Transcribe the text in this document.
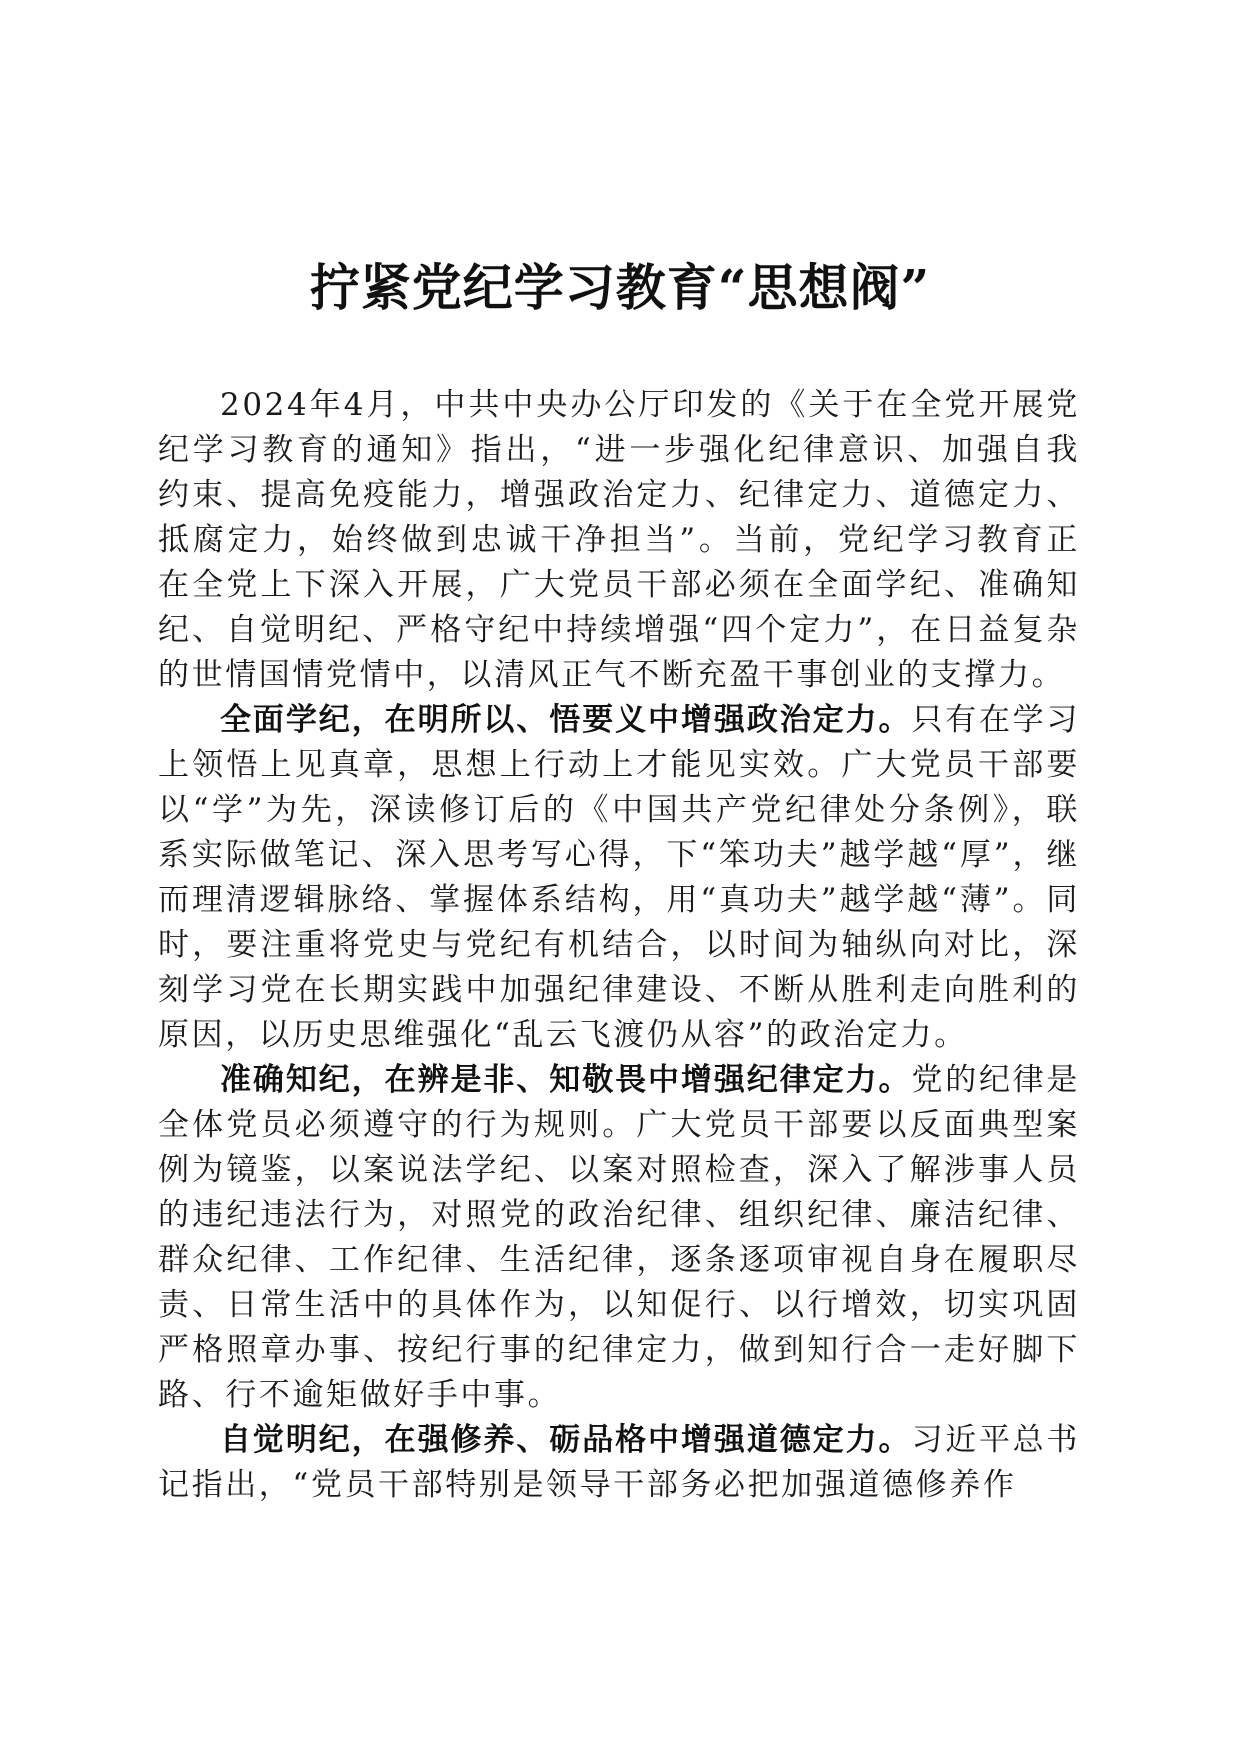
拧紧党纪学习教育“思想阀”

2024年4月，中共中央办公厅印发的《关于在全党开展党纪学习教育的通知》指出，“进一步强化纪律意识、加强自我约束、提高免疫能力，增强政治定力、纪律定力、道德定力、抵腐定力，始终做到忠诚干净担当”。当前，党纪学习教育正在全党上下深入开展，广大党员干部必须在全面学纪、准确知纪、自觉明纪、严格守纪中持续增强“四个定力”，在日益复杂的世情国情党情中，以清风正气不断充盈干事创业的支撑力。

全面学纪，在明所以、悟要义中增强政治定力。只有在学习上领悟上见真章，思想上行动上才能见实效。广大党员干部要以“学”为先，深读修订后的《中国共产党纪律处分条例》，联系实际做笔记、深入思考写心得，下“笨功夫”越学越“厚”，继而理清逻辑脉络、掌握体系结构，用“真功夫”越学越“薄”。同时，要注重将党史与党纪有机结合，以时间为轴纵向对比，深刻学习党在长期实践中加强纪律建设、不断从胜利走向胜利的原因，以历史思维强化“乱云飞渡仍从容”的政治定力。

准确知纪，在辨是非、知敬畏中增强纪律定力。党的纪律是全体党员必须遵守的行为规则。广大党员干部要以反面典型案例为镜鉴，以案说法学纪、以案对照检查，深入了解涉事人员的违纪违法行为，对照党的政治纪律、组织纪律、廉洁纪律、群众纪律、工作纪律、生活纪律，逐条逐项审视自身在履职尽责、日常生活中的具体作为，以知促行、以行增效，切实巩固严格照章办事、按纪行事的纪律定力，做到知行合一走好脚下路、行不逾矩做好手中事。

自觉明纪，在强修养、砺品格中增强道德定力。习近平总书记指出，“党员干部特别是领导干部务必把加强道德修养作
